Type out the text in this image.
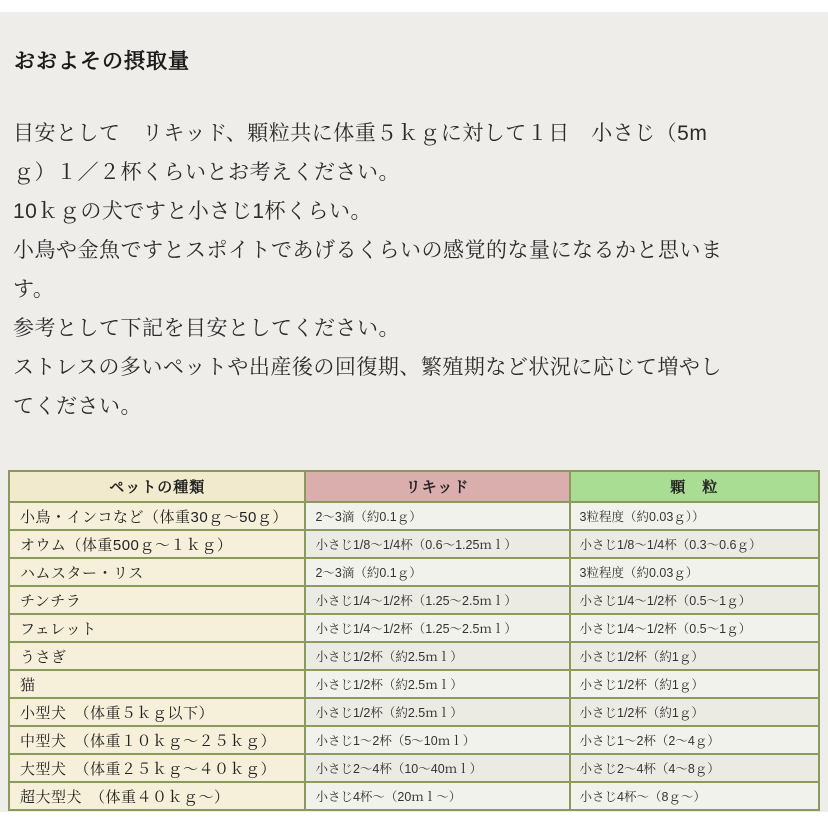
おおよその摂取量
目安として　リキッド、顆粒共に体重５ｋｇに対して１日　小さじ（5m
ｇ）１／２杯くらいとお考えください。
10ｋｇの犬ですと小さじ1杯くらい。
小鳥や金魚ですとスポイトであげるくらいの感覚的な量になるかと思いま
す。
参考として下記を目安としてください。
ストレスの多いペットや出産後の回復期、繁殖期など状況に応じて増やし
てください。
ペットの種類	リキッド	顆　粒
小鳥・インコなど（体重30ｇ〜50ｇ）	2〜3滴（約0.1ｇ）	3粒程度（約0.03ｇ））
オウム（体重500ｇ〜１ｋｇ）	小さじ1/8〜1/4杯（0.6〜1.25ｍｌ）	小さじ1/8〜1/4杯（0.3〜0.6ｇ）
ハムスター・リス	2〜3滴（約0.1ｇ）	3粒程度（約0.03ｇ）
チンチラ	小さじ1/4〜1/2杯（1.25〜2.5ｍｌ）	小さじ1/4〜1/2杯（0.5〜1ｇ）
フェレット	小さじ1/4〜1/2杯（1.25〜2.5ｍｌ）	小さじ1/4〜1/2杯（0.5〜1ｇ）
うさぎ	小さじ1/2杯（約2.5ｍｌ）	小さじ1/2杯（約1ｇ）
猫	小さじ1/2杯（約2.5ｍｌ）	小さじ1/2杯（約1ｇ）
小型犬　（体重５ｋｇ以下）	小さじ1/2杯（約2.5ｍｌ）	小さじ1/2杯（約1ｇ）
中型犬　（体重１０ｋｇ〜２５ｋｇ）	小さじ1〜2杯（5〜10ｍｌ）	小さじ1〜2杯（2〜4ｇ）
大型犬　（体重２５ｋｇ〜４０ｋｇ）	小さじ2〜4杯（10〜40ｍｌ）	小さじ2〜4杯（4〜8ｇ）
超大型犬　（体重４０ｋｇ〜）	小さじ4杯〜（20ｍｌ〜）	小さじ4杯〜（8ｇ〜）
